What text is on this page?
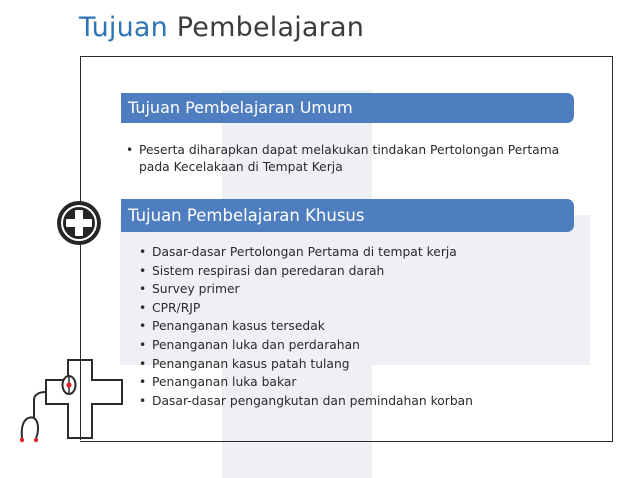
Tujuan Pembelajaran
Tujuan Pembelajaran Umum
• Peserta diharapkan dapat melakukan tindakan Pertolongan Pertama pada Kecelakaan di Tempat Kerja
Tujuan Pembelajaran Khusus
• Dasar-dasar Pertolongan Pertama di tempat kerja
• Sistem respirasi dan peredaran darah
• Survey primer
• CPR/RJP
• Penanganan kasus tersedak
• Penanganan luka dan perdarahan
• Penanganan kasus patah tulang
• Penanganan luka bakar
• Dasar-dasar pengangkutan dan pemindahan korban
